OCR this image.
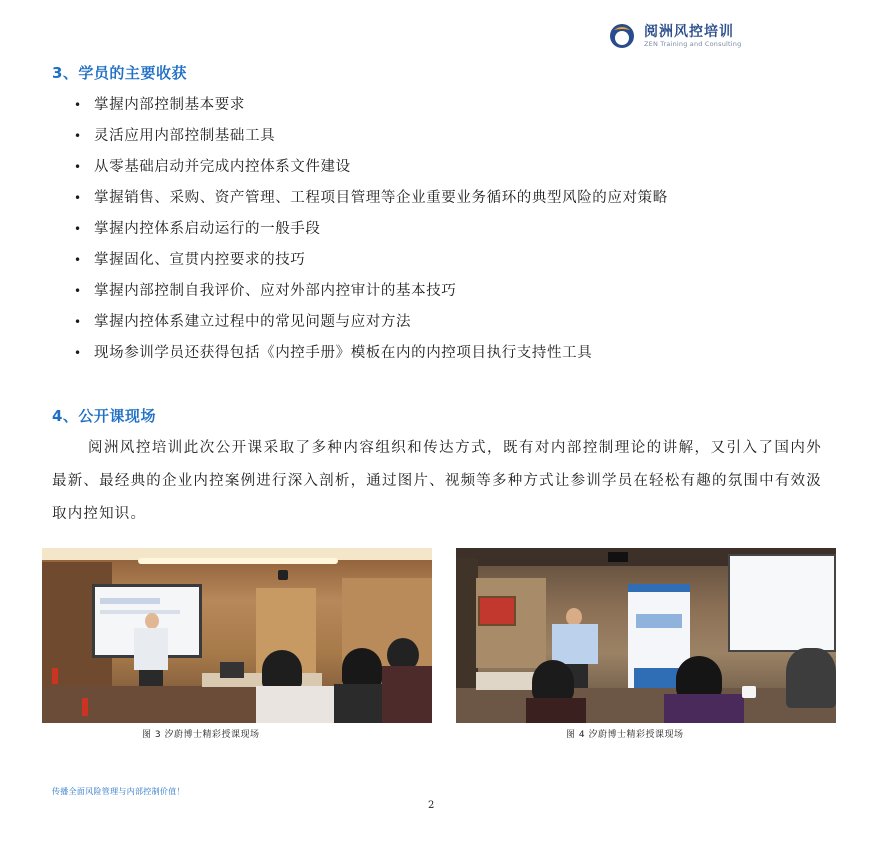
阅洲风控培训
ZEN Training and Consulting
3、学员的主要收获
• 掌握内部控制基本要求
• 灵活应用内部控制基础工具
• 从零基础启动并完成内控体系文件建设
• 掌握销售、采购、资产管理、工程项目管理等企业重要业务循环的典型风险的应对策略
• 掌握内控体系启动运行的一般手段
• 掌握固化、宣贯内控要求的技巧
• 掌握内部控制自我评价、应对外部内控审计的基本技巧
• 掌握内控体系建立过程中的常见问题与应对方法
• 现场参训学员还获得包括《内控手册》模板在内的内控项目执行支持性工具
4、公开课现场

阅洲风控培训此次公开课采取了多种内容组织和传达方式，既有对内部控制理论的讲解，又引入了国内外最新、最经典的企业内控案例进行深入剖析，通过图片、视频等多种方式让参训学员在轻松有趣的氛围中有效汲取内控知识。

图 3 汐蔚博士精彩授课现场	图 4 汐蔚博士精彩授课现场
传播全面风险管理与内部控制价值！
2
